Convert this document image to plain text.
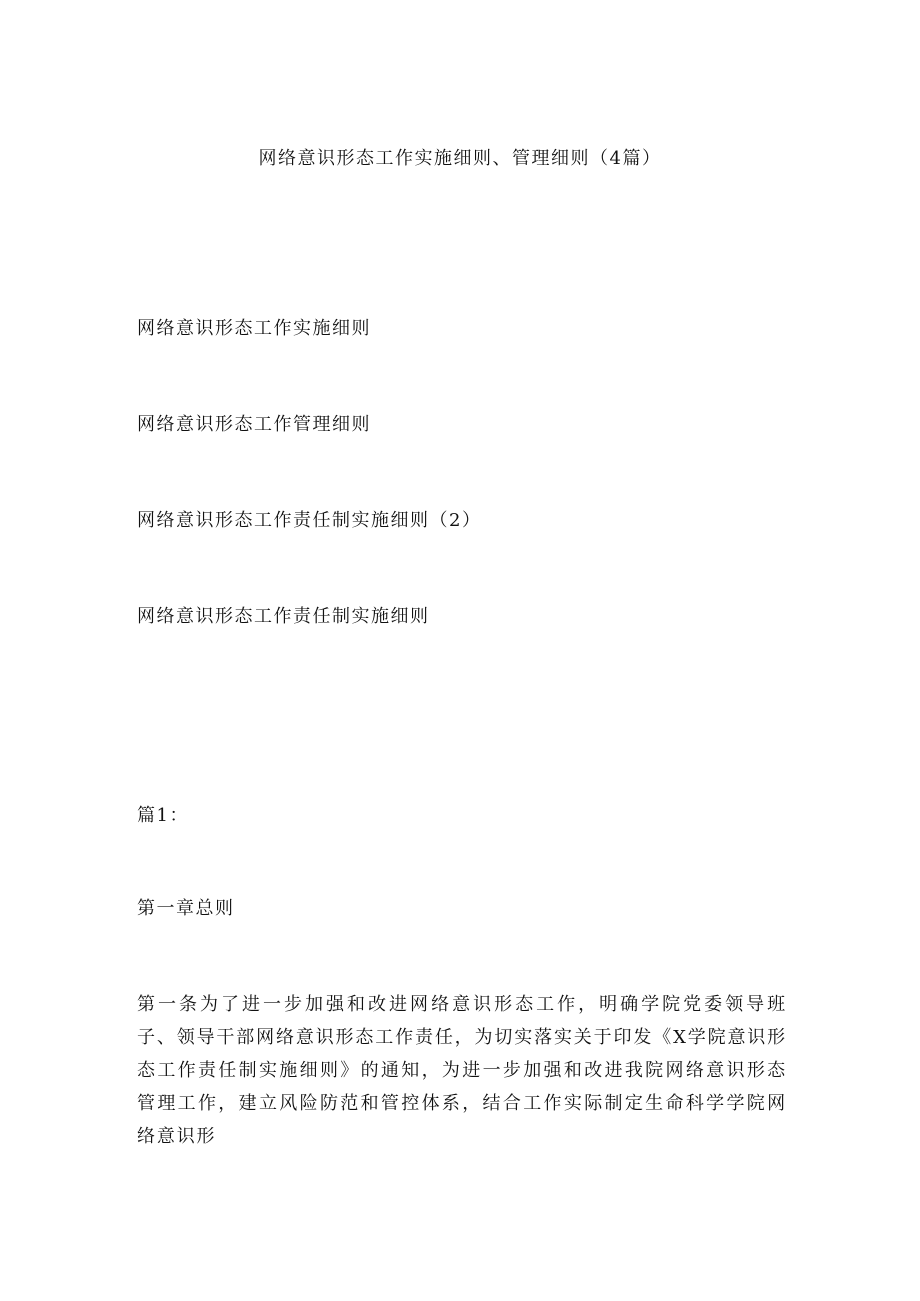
网络意识形态工作实施细则、管理细则（4篇）
网络意识形态工作实施细则
网络意识形态工作管理细则
网络意识形态工作责任制实施细则（2）
网络意识形态工作责任制实施细则
篇1：
第一章总则

第一条为了进一步加强和改进网络意识形态工作，明确学院党委领导班子、领导干部网络意识形态工作责任，为切实落实关于印发《X学院意识形态工作责任制实施细则》的通知，为进一步加强和改进我院网络意识形态管理工作，建立风险防范和管控体系，结合工作实际制定生命科学学院网络意识形
